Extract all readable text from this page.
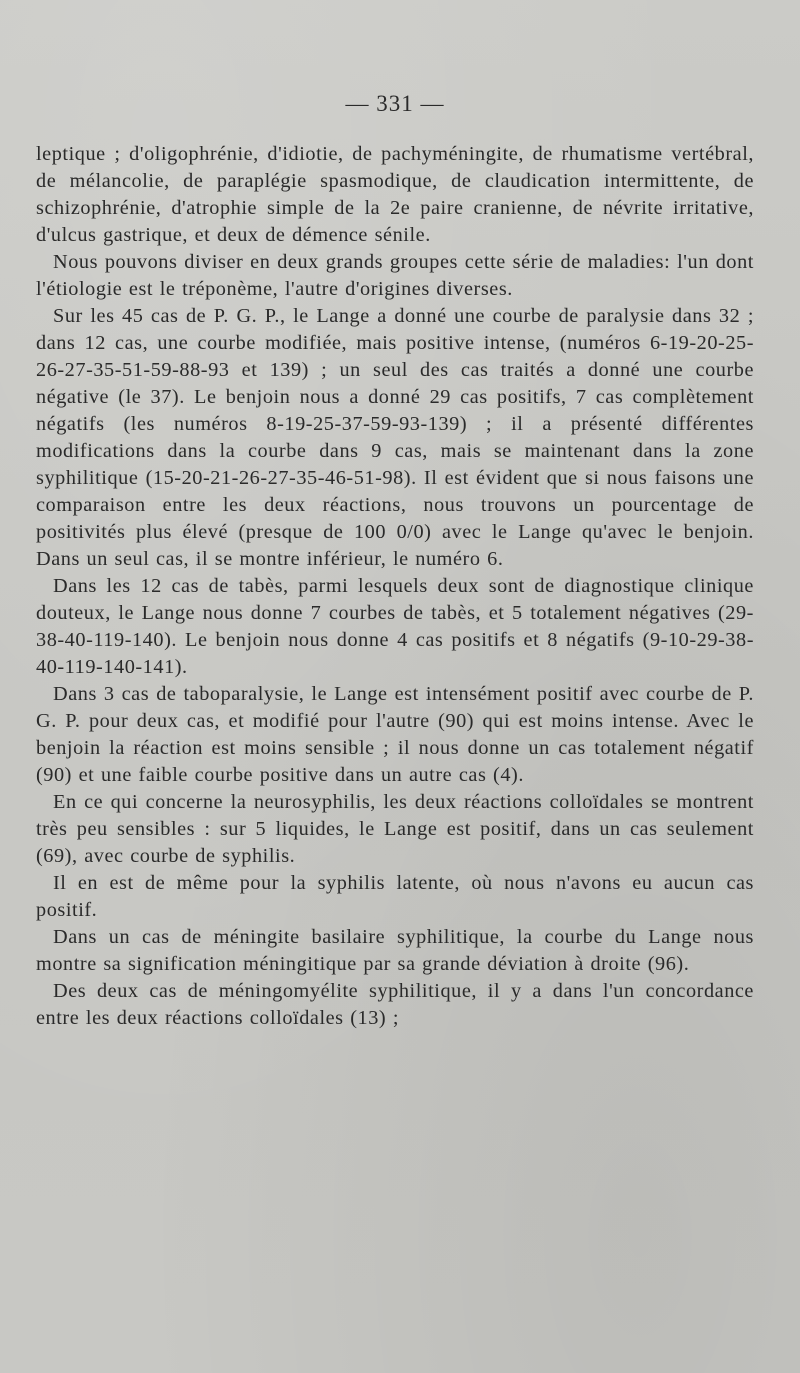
— 331 —

leptique ; d'oligophrénie, d'idiotie, de pachyméningite, de rhumatisme vertébral, de mélancolie, de paraplégie spasmodique, de claudication intermittente, de schizophrénie, d'atrophie simple de la 2e paire cranienne, de névrite irritative, d'ulcus gastrique, et deux de démence sénile.

Nous pouvons diviser en deux grands groupes cette série de maladies: l'un dont l'étiologie est le tréponème, l'autre d'origines diverses.

Sur les 45 cas de P. G. P., le Lange a donné une courbe de paralysie dans 32 ; dans 12 cas, une courbe modifiée, mais positive intense, (numéros 6-19-20-25-26-27-35-51-59-88-93 et 139) ; un seul des cas traités a donné une courbe négative (le 37). Le benjoin nous a donné 29 cas positifs, 7 cas complètement négatifs (les numéros 8-19-25-37-59-93-139) ; il a présenté différentes modifications dans la courbe dans 9 cas, mais se maintenant dans la zone syphilitique (15-20-21-26-27-35-46-51-98). Il est évident que si nous faisons une comparaison entre les deux réactions, nous trouvons un pourcentage de positivités plus élevé (presque de 100 0/0) avec le Lange qu'avec le benjoin. Dans un seul cas, il se montre inférieur, le numéro 6.

Dans les 12 cas de tabès, parmi lesquels deux sont de diagnostique clinique douteux, le Lange nous donne 7 courbes de tabès, et 5 totalement négatives (29-38-40-119-140). Le benjoin nous donne 4 cas positifs et 8 négatifs (9-10-29-38-40-119-140-141).

Dans 3 cas de taboparalysie, le Lange est intensément positif avec courbe de P. G. P. pour deux cas, et modifié pour l'autre (90) qui est moins intense. Avec le benjoin la réaction est moins sensible ; il nous donne un cas totalement négatif (90) et une faible courbe positive dans un autre cas (4).

En ce qui concerne la neurosyphilis, les deux réactions colloïdales se montrent très peu sensibles : sur 5 liquides, le Lange est positif, dans un cas seulement (69), avec courbe de syphilis.

Il en est de même pour la syphilis latente, où nous n'avons eu aucun cas positif.

Dans un cas de méningite basilaire syphilitique, la courbe du Lange nous montre sa signification méningitique par sa grande déviation à droite (96).

Des deux cas de méningomyélite syphilitique, il y a dans l'un concordance entre les deux réactions colloïdales (13) ;
